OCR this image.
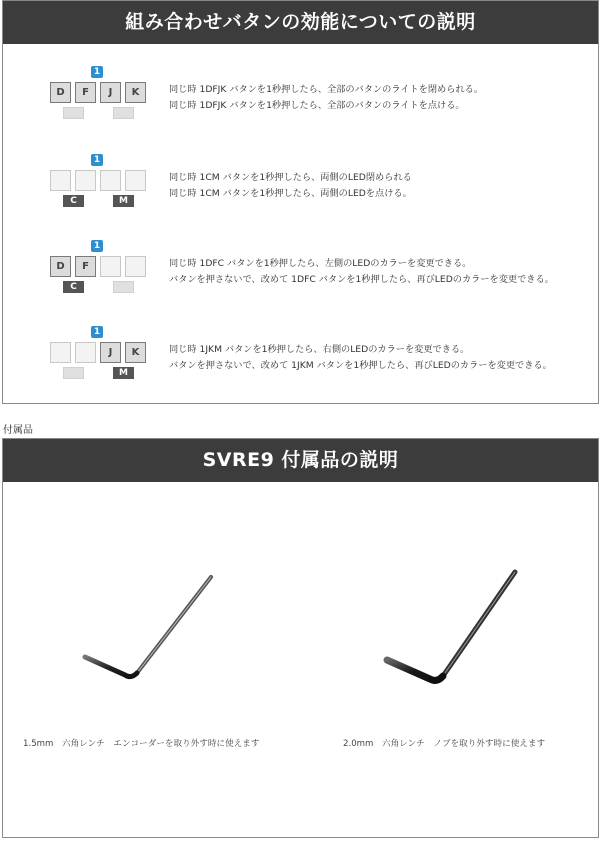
組み合わせバタンの効能についての説明
1
D	F	J	K	同じ時 1DFJK バタンを1秒押したら、全部のバタンのライトを閉められる。
同じ時 1DFJK バタンを1秒押したら、全部のバタンのライトを点ける。
1
C	M
同じ時 1CM バタンを1秒押したら、両側のLED閉められる
同じ時 1CM バタンを1秒押したら、両側のLEDを点ける。
1
D	F
C
同じ時 1DFC バタンを1秒押したら、左側のLEDのカラーを変更できる。
バタンを押さないで、改めて 1DFC バタンを1秒押したら、再びLEDのカラーを変更できる。
1
J	K
M
同じ時 1JKM バタンを1秒押したら、右側のLEDのカラーを変更できる。
バタンを押さないで、改めて 1JKM バタンを1秒押したら、再びLEDのカラーを変更できる。
付属品
SVRE9 付属品の説明
1.5mm　六角レンチ　エンコーダーを取り外す時に使えます	2.0mm　六角レンチ　ノブを取り外す時に使えます
